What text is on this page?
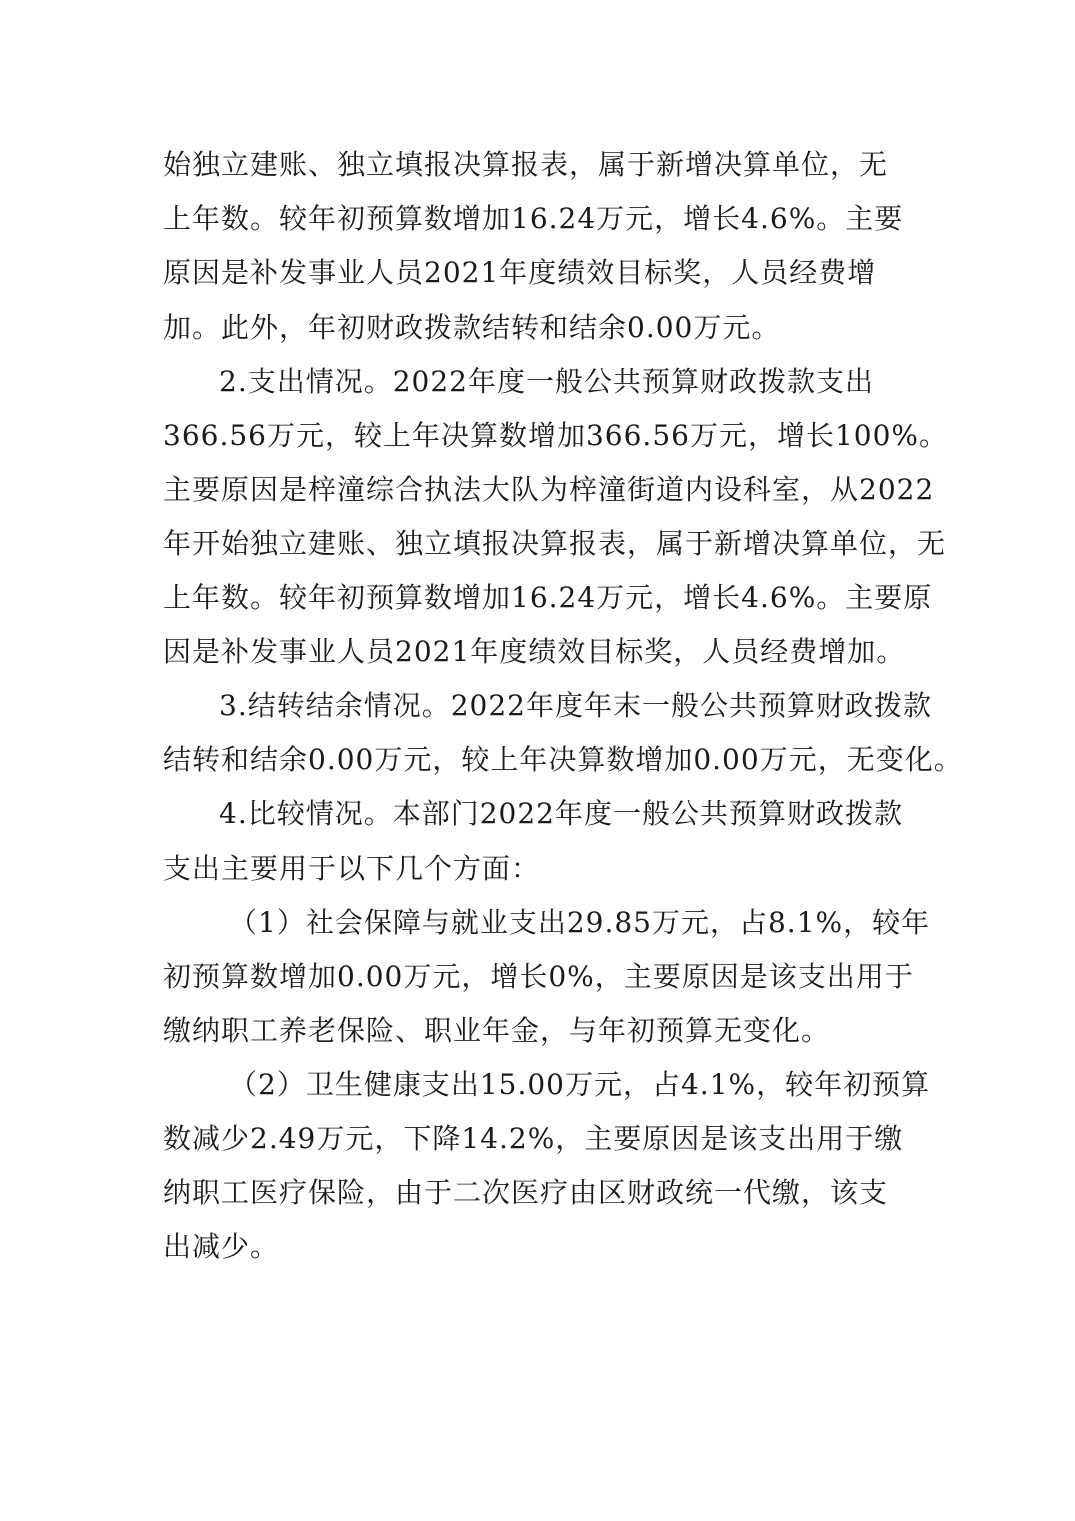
始独立建账、独立填报决算报表，属于新增决算单位，无
上年数。较年初预算数增加16.24万元，增长4.6%。主要
原因是补发事业人员2021年度绩效目标奖，人员经费增
加。此外，年初财政拨款结转和结余0.00万元。
2.支出情况。2022年度一般公共预算财政拨款支出
366.56万元，较上年决算数增加366.56万元，增长100%。
主要原因是梓潼综合执法大队为梓潼街道内设科室，从2022
年开始独立建账、独立填报决算报表，属于新增决算单位，无
上年数。较年初预算数增加16.24万元，增长4.6%。主要原
因是补发事业人员2021年度绩效目标奖，人员经费增加。
3.结转结余情况。2022年度年末一般公共预算财政拨款
结转和结余0.00万元，较上年决算数增加0.00万元，无变化。
4.比较情况。本部门2022年度一般公共预算财政拨款
支出主要用于以下几个方面：
（1）社会保障与就业支出29.85万元，占8.1%，较年
初预算数增加0.00万元，增长0%，主要原因是该支出用于
缴纳职工养老保险、职业年金，与年初预算无变化。
（2）卫生健康支出15.00万元，占4.1%，较年初预算
数减少2.49万元，下降14.2%，主要原因是该支出用于缴
纳职工医疗保险，由于二次医疗由区财政统一代缴，该支
出减少。
